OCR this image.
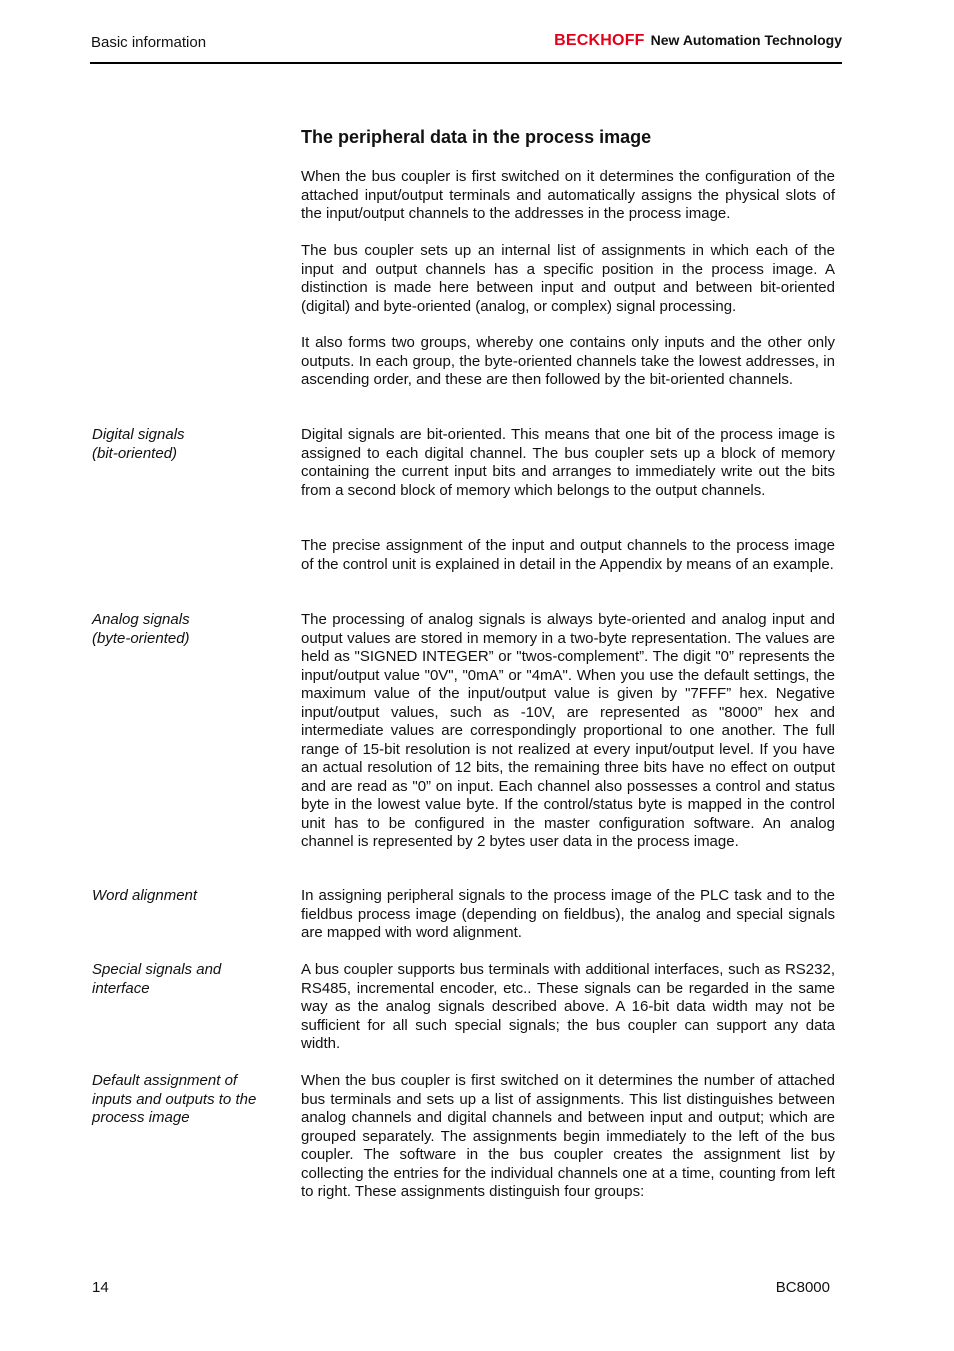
Basic information	BECKHOFF New Automation Technology
The peripheral data in the process image

When the bus coupler is first switched on it determines the configuration of the attached input/output terminals and automatically assigns the physical slots of the input/output channels to the addresses in the process image.

The bus coupler sets up an internal list of assignments in which each of the input and output channels has a specific position in the process image. A distinction is made here between input and output and between bit-oriented (digital) and byte-oriented (analog, or complex) signal processing.

It also forms two groups, whereby one contains only inputs and the other only outputs. In each group, the byte-oriented channels take the lowest addresses, in ascending order, and these are then followed by the bit-oriented channels.

Digital signals
(bit-oriented)

Digital signals are bit-oriented. This means that one bit of the process image is assigned to each digital channel. The bus coupler sets up a block of memory containing the current input bits and arranges to immediately write out the bits from a second block of memory which belongs to the output channels.

The precise assignment of the input and output channels to the process image of the control unit is explained in detail in the Appendix by means of an example.

Analog signals
(byte-oriented)

The processing of analog signals is always byte-oriented and analog input and output values are stored in memory in a two-byte representation. The values are held as "SIGNED INTEGER” or "twos-complement”. The digit "0” represents the input/output value "0V", "0mA” or "4mA". When you use the default settings, the maximum value of the input/output value is given by "7FFF” hex. Negative input/output values, such as -10V, are represented as "8000” hex and intermediate values are correspondingly proportional to one another. The full range of 15-bit resolution is not realized at every input/output level. If you have an actual resolution of 12 bits, the remaining three bits have no effect on output and are read as "0” on input. Each channel also possesses a control and status byte in the lowest value byte. If the control/status byte is mapped in the control unit has to be configured in the master configuration software. An analog channel is represented by 2 bytes user data in the process image.

Word alignment	In assigning peripheral signals to the process image of the PLC task and to the fieldbus process image (depending on fieldbus), the analog and special signals are mapped with word alignment.

Special signals and
interface

A bus coupler supports bus terminals with additional interfaces, such as RS232, RS485, incremental encoder, etc.. These signals can be regarded in the same way as the analog signals described above. A 16-bit data width may not be sufficient for all such special signals; the bus coupler can support any data width.

Default assignment of
inputs and outputs to the
process image

When the bus coupler is first switched on it determines the number of attached bus terminals and sets up a list of assignments. This list distinguishes between analog channels and digital channels and between input and output; which are grouped separately. The assignments begin immediately to the left of the bus coupler. The software in the bus coupler creates the assignment list by collecting the entries for the individual channels one at a time, counting from left to right. These assignments distinguish four groups:

14	BC8000
